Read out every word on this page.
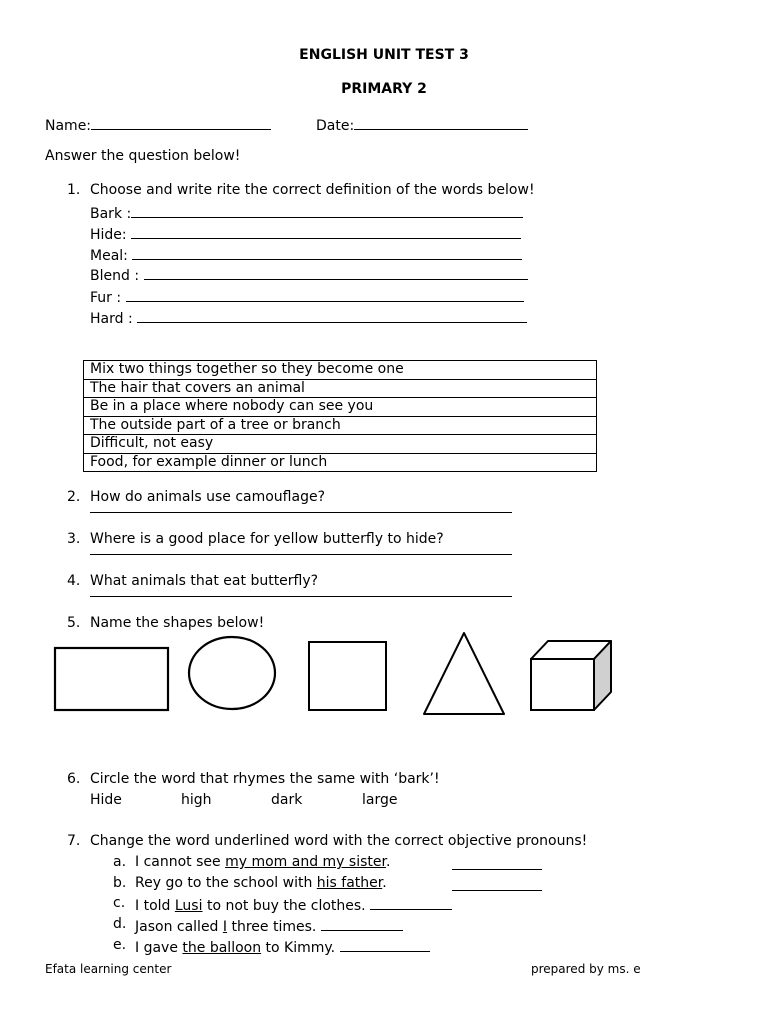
ENGLISH UNIT TEST 3
PRIMARY 2
Name:	Date:
Answer the question below!
1. Choose and write rite the correct definition of the words below!
Bark :
Hide:
Meal:
Blend :
Fur :
Hard :
Mix two things together so they become one
The hair that covers an animal
Be in a place where nobody can see you
The outside part of a tree or branch
Difficult, not easy
Food, for example dinner or lunch
2. How do animals use camouflage?
3. Where is a good place for yellow butterfly to hide?
4. What animals that eat butterfly?
5. Name the shapes below!
6. Circle the word that rhymes the same with ‘bark’!
Hide	high	dark	large
7. Change the word underlined word with the correct objective pronouns!
a. I cannot see my mom and my sister.
b. Rey go to the school with his father.
c. I told Lusi to not buy the clothes.
d. Jason called I three times.
e. I gave the balloon to Kimmy.
Efata learning center	prepared by ms. e
